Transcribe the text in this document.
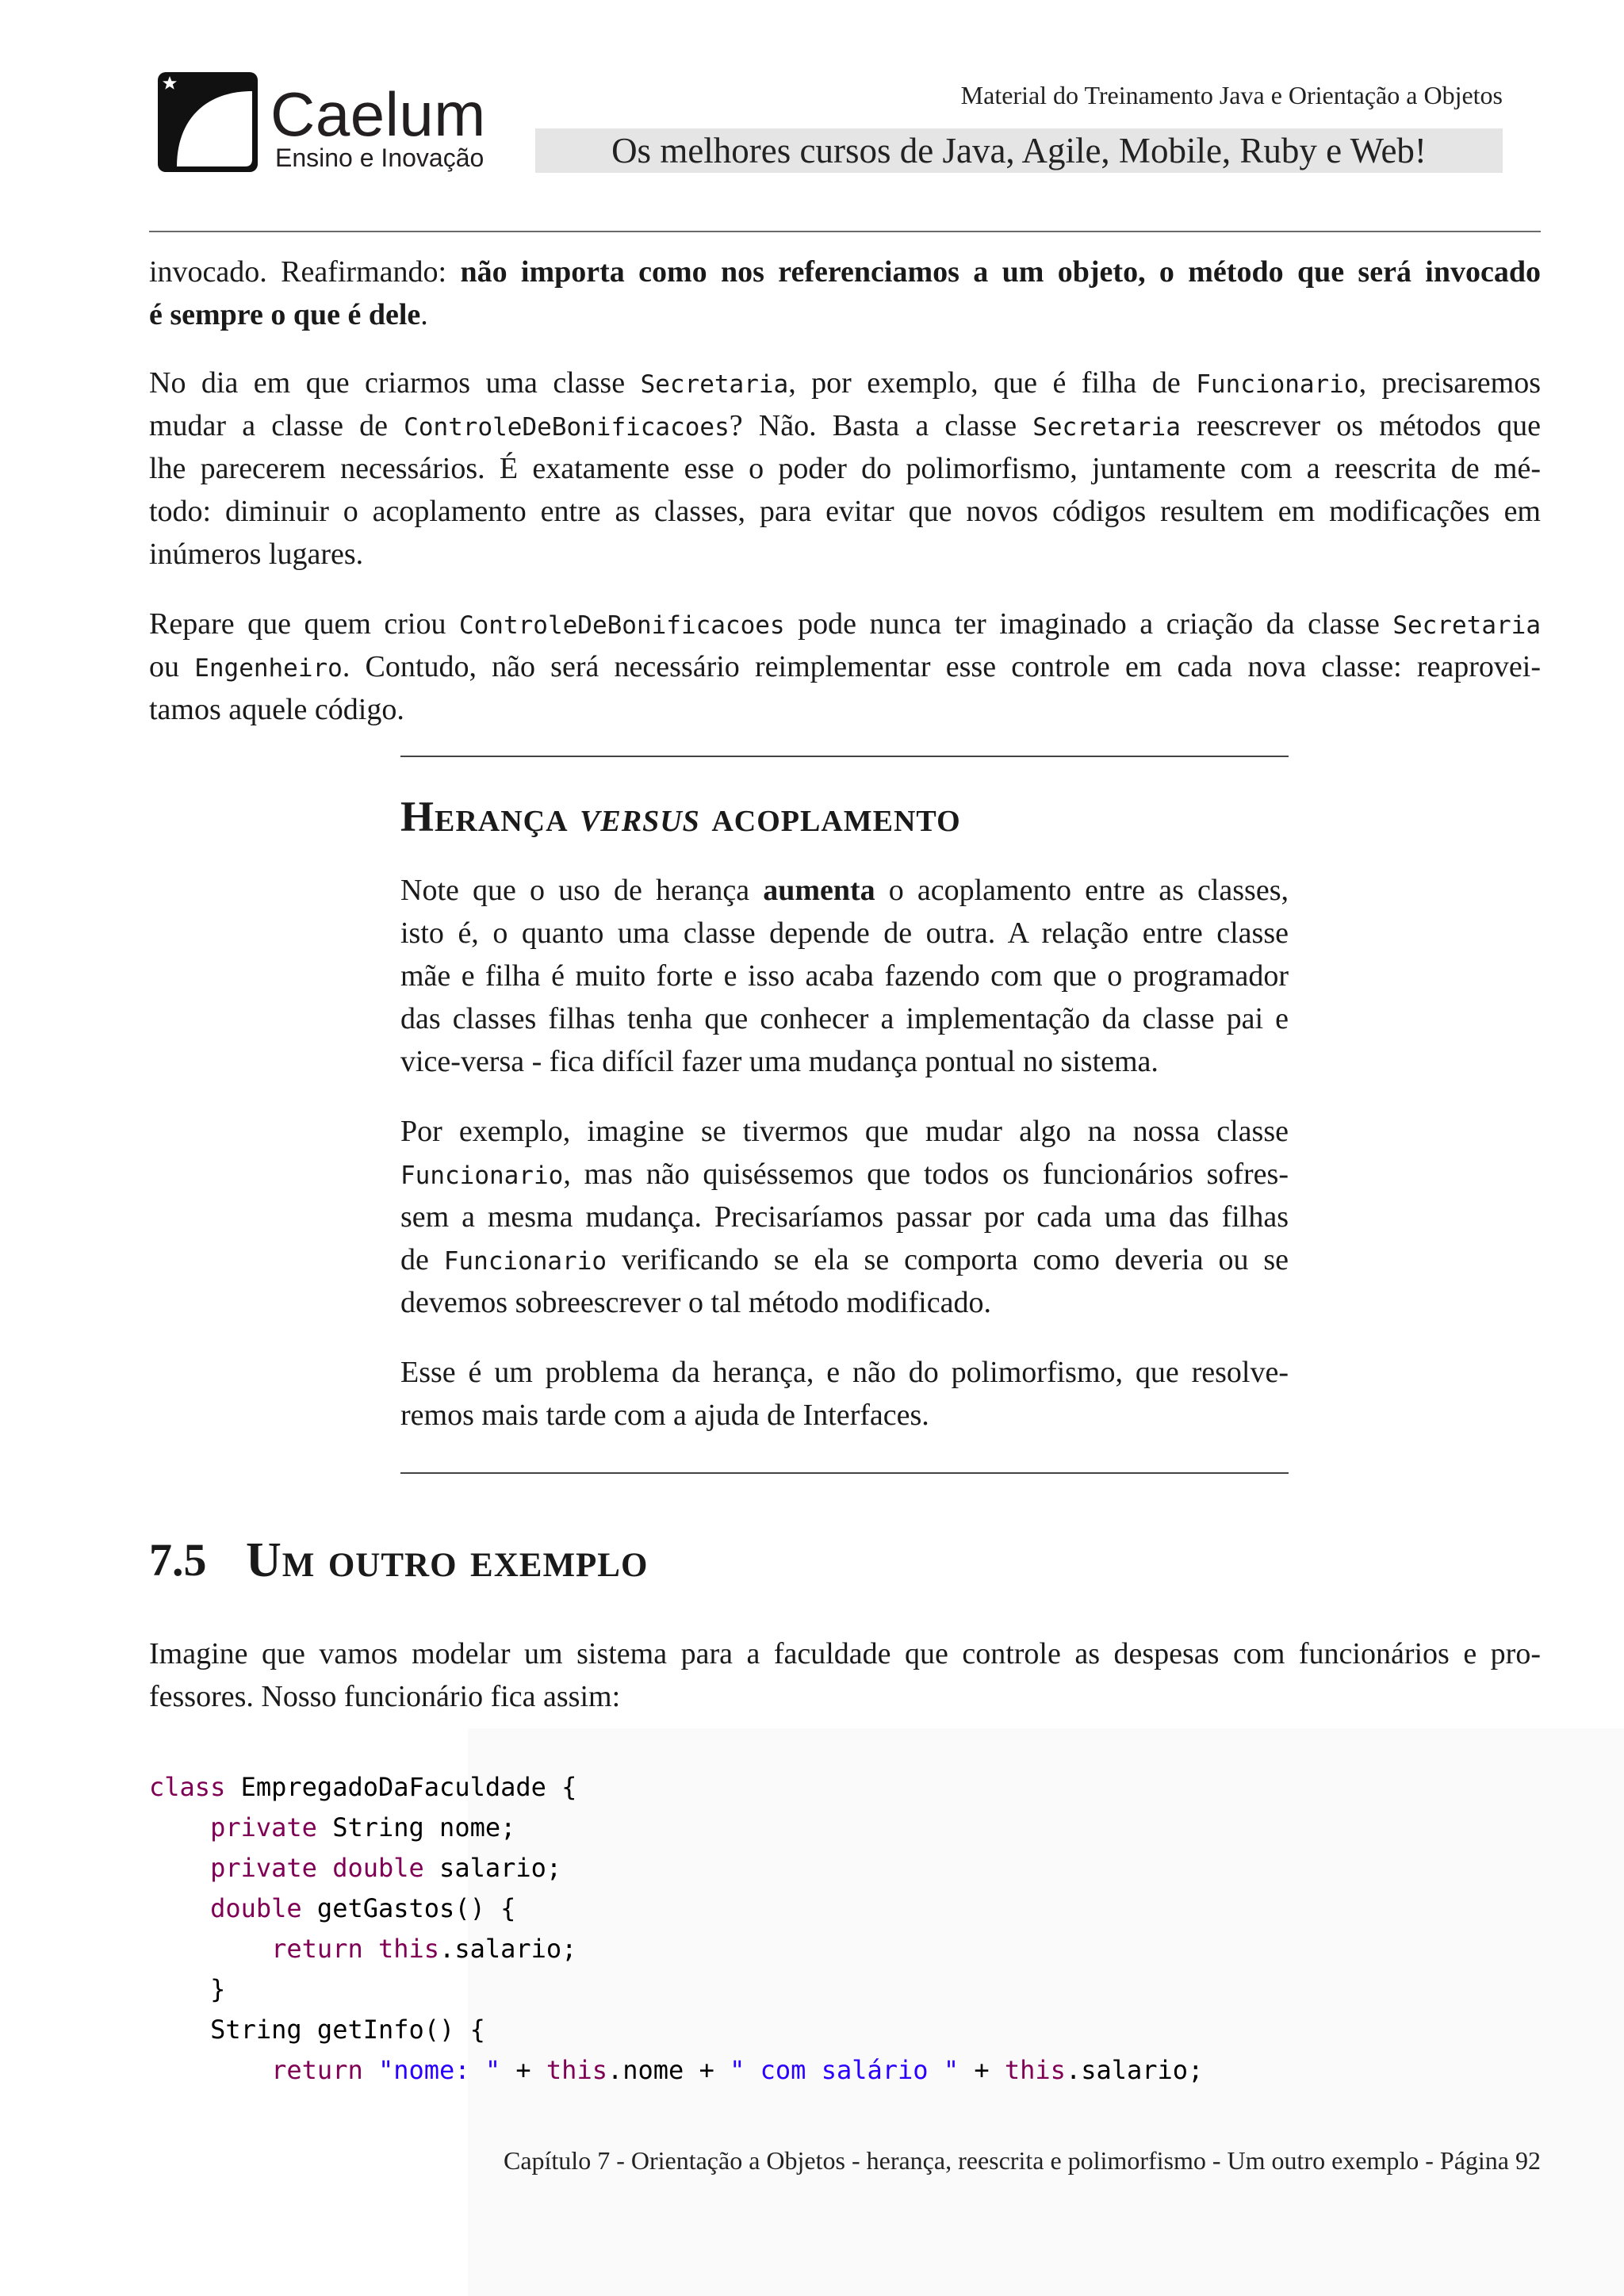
Caelum
Ensino e Inovação
Material do Treinamento Java e Orientação a Objetos
Os melhores cursos de Java, Agile, Mobile, Ruby e Web!
invocado. Reafirmando: não importa como nos referenciamos a um objeto, o método que será invocado
é sempre o que é dele.
No dia em que criarmos uma classe Secretaria, por exemplo, que é filha de Funcionario, precisaremos
mudar a classe de ControleDeBonificacoes? Não. Basta a classe Secretaria reescrever os métodos que
lhe parecerem necessários. É exatamente esse o poder do polimorfismo, juntamente com a reescrita de mé-
todo: diminuir o acoplamento entre as classes, para evitar que novos códigos resultem em modificações em
inúmeros lugares.
Repare que quem criou ControleDeBonificacoes pode nunca ter imaginado a criação da classe Secretaria
ou Engenheiro. Contudo, não será necessário reimplementar esse controle em cada nova classe: reaprovei-
tamos aquele código.
Herança versus acoplamento
Note que o uso de herança aumenta o acoplamento entre as classes,
isto é, o quanto uma classe depende de outra. A relação entre classe
mãe e filha é muito forte e isso acaba fazendo com que o programador
das classes filhas tenha que conhecer a implementação da classe pai e
vice-versa - fica difícil fazer uma mudança pontual no sistema.
Por exemplo, imagine se tivermos que mudar algo na nossa classe
Funcionario, mas não quiséssemos que todos os funcionários sofres-
sem a mesma mudança. Precisaríamos passar por cada uma das filhas
de Funcionario verificando se ela se comporta como deveria ou se
devemos sobreescrever o tal método modificado.
Esse é um problema da herança, e não do polimorfismo, que resolve-
remos mais tarde com a ajuda de Interfaces.
7.5 Um outro exemplo
Imagine que vamos modelar um sistema para a faculdade que controle as despesas com funcionários e pro-
fessores. Nosso funcionário fica assim:
class EmpregadoDaFaculdade {
private String nome;
private double salario;
double getGastos() {
return this.salario;
}
String getInfo() {
return "nome: " + this.nome + " com salário " + this.salario;
Capítulo 7 - Orientação a Objetos - herança, reescrita e polimorfismo - Um outro exemplo - Página 92
